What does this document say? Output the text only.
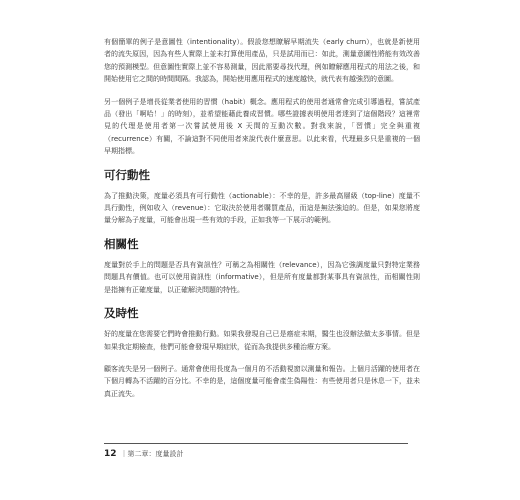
有個簡單的例子是意圖性（intentionality）。假設您想瞭解早期流失（early churn），也就是新使用者的流失原因，因為有些人實際上並未打算使用產品，只是試用而已：如此，測量意圖性將能有效改善您的預測模型。但意圖性實際上並不容易測量，因此需要尋找代理，例如瞭解應用程式的用法之後，和開始使用它之間的時間間隔。我認為，開始使用應用程式的速度越快，就代表有越強烈的意圖。

另一個例子是增長從業者使用的習慣（habit）概念。應用程式的使用者通常會完成引導過程，嘗試產品（發出「啊哈！」的時刻），並希望能藉此養成習慣。哪些證據表明使用者達到了這個階段？這裡常見的代理是使用者第一次嘗試使用後 X 天間的互動次數。對我來說，「習慣」完全與重複（recurrence）有關，不論這對不同使用者來說代表什麼意思。以此來看，代理最多只是重複的一個早期指標。

可行動性

為了推動決策，度量必須具有可行動性（actionable）：不幸的是，許多最高層級（top-line）度量不具行動性，例如收入（revenue）：它取決於使用者購買產品，而這是無法強迫的。但是，如果您將度量分解為子度量，可能會出現一些有效的手段，正如我等一下展示的範例。

相關性

度量對於手上的問題是否具有資訊性？可稱之為相關性（relevance），因為它強調度量只對特定業務問題具有價值。也可以使用資訊性（informative），但是所有度量都對某事具有資訊性，而相關性則是指擁有正確度量，以正確解決問題的特性。

及時性

好的度量在您需要它們時會推動行動。如果我發現自己已是癌症末期，醫生也沒辦法做太多事情。但是如果我定期檢查，他們可能會發現早期症狀，從而為我提供多種治療方案。

顧客流失是另一個例子。通常會使用長度為一個月的不活動視窗以測量和報告。上個月活躍的使用者在下個月轉為不活躍的百分比。不幸的是，這個度量可能會產生偽陽性：有些使用者只是休息一下，並未真正流失。

12 ｜第二章：度量設計
